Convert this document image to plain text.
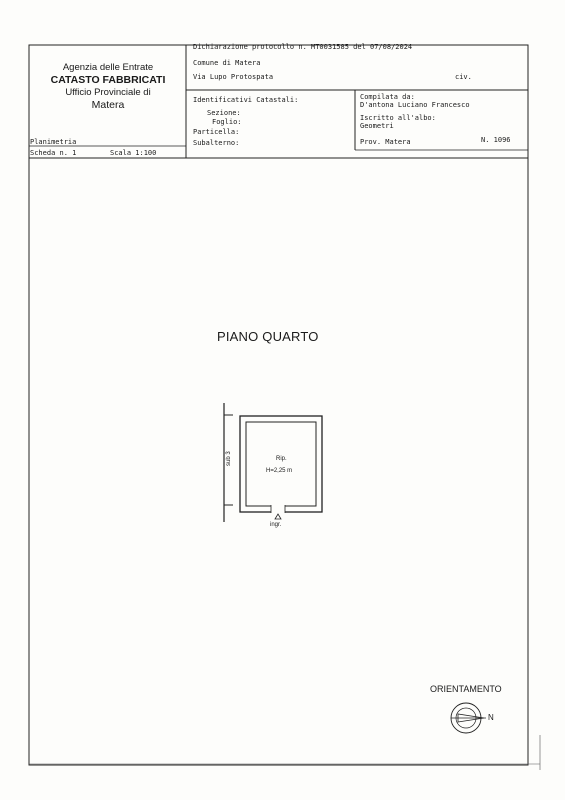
Agenzia delle Entrate
CATASTO FABBRICATI
Ufficio Provinciale di
Matera
Dichiarazione protocollo n. MT0031585 del 07/08/2024
Comune di Matera
Via Lupo Protospata	civ.
Identificativi Catastali:
Sezione:
Foglio:
Particella:
Subalterno:
Compilata da:
D'antona Luciano Francesco
Iscritto all'albo:
Geometri
Prov. Matera	N. 1096
Planimetria
Scheda n. 1	Scala 1:100
PIANO QUARTO
sub 3	Rip.
H=2,25 m
ingr.
ORIENTAMENTO
N
